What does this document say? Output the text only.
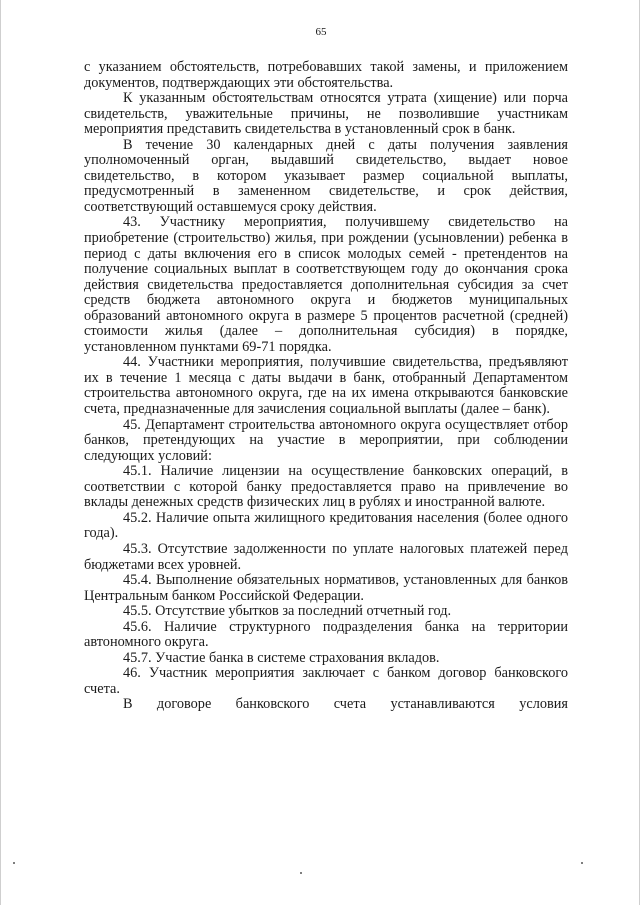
65

с указанием обстоятельств, потребовавших такой замены, и приложением документов, подтверждающих эти обстоятельства.

К указанным обстоятельствам относятся утрата (хищение) или порча свидетельств, уважительные причины, не позволившие участникам мероприятия представить свидетельства в установленный срок в банк.

В течение 30 календарных дней с даты получения заявления уполномоченный орган, выдавший свидетельство, выдает новое свидетельство, в котором указывает размер социальной выплаты, предусмотренный в замененном свидетельстве, и срок действия, соответствующий оставшемуся сроку действия.

43. Участнику мероприятия, получившему свидетельство на приобретение (строительство) жилья, при рождении (усыновлении) ребенка в период с даты включения его в список молодых семей - претендентов на получение социальных выплат в соответствующем году до окончания срока действия свидетельства предоставляется дополнительная субсидия за счет средств бюджета автономного округа и бюджетов муниципальных образований автономного округа в размере 5 процентов расчетной (средней) стоимости жилья (далее – дополнительная субсидия) в порядке, установленном пунктами 69-71 порядка.

44. Участники мероприятия, получившие свидетельства, предъявляют их в течение 1 месяца с даты выдачи в банк, отобранный Департаментом строительства автономного округа, где на их имена открываются банковские счета, предназначенные для зачисления социальной выплаты (далее – банк).

45. Департамент строительства автономного округа осуществляет отбор банков, претендующих на участие в мероприятии, при соблюдении следующих условий:

45.1. Наличие лицензии на осуществление банковских операций, в соответствии с которой банку предоставляется право на привлечение во вклады денежных средств физических лиц в рублях и иностранной валюте.

45.2. Наличие опыта жилищного кредитования населения (более одного года).

45.3. Отсутствие задолженности по уплате налоговых платежей перед бюджетами всех уровней.

45.4. Выполнение обязательных нормативов, установленных для банков Центральным банком Российской Федерации.

45.5. Отсутствие убытков за последний отчетный год.

45.6. Наличие структурного подразделения банка на территории автономного округа.

45.7. Участие банка в системе страхования вкладов.

46. Участник мероприятия заключает с банком договор банковского счета.

В договоре банковского счета устанавливаются условия
